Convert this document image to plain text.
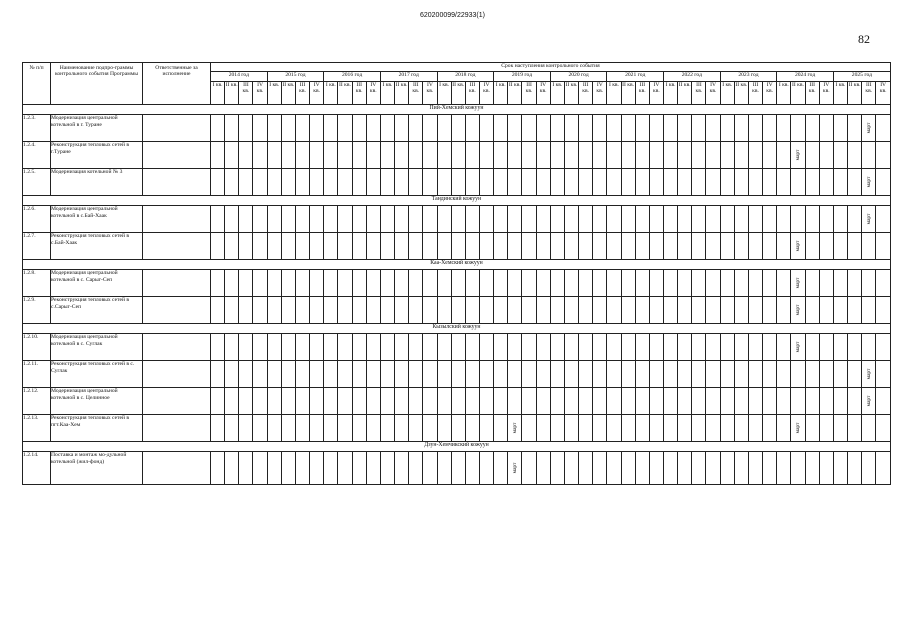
620200099/22933(1)
82
№ п/п	Наименование подпро-граммы контрольного события Программы	Ответственные за исполнение	Срок наступления контрольного события																																															
			2014 год				2015 год				2016 год				2017 год				2018 год				2019 год				2020 год				2021 год				2022 год				2023 год				2024 год				2025 год			
			I кв.	II кв.	III кв.	IV кв.	I кв.	II кв.	III кв.	IV кв.	I кв.	II кв.	III кв.	IV кв.	I кв.	II кв.	III кв.	IV кв.	I кв.	II кв.	III кв.	IV кв.	I кв.	II кв.	III кв.	IV кв.	I кв.	II кв.	III кв.	IV кв.	I кв.	II кв.	III кв.	IV кв.	I кв.	II кв.	III кв.	IV кв.	I кв.	II кв.	III кв.	IV кв.	I кв.	II кв.	III кв.	IV кв.	I кв.	II кв.	III кв.	IV кв.
Пий-Хемский кожуун																																																		
1.2.3.	Модернизация центральной котельной в г. Туране																																																март	

1.2.4.	Реконструкция тепловых сетей в г.Туране																																											март						

1.2.5.	Модернизация котельной № 3																																																март	

Тандинский кожуун																																																		
1.2.6.	Модернизация центральной котельной в с.Бай-Хаак																																																март	

1.2.7.	Реконструкция тепловых сетей в с.Бай-Хаак																																											март						

Каа-Хемский кожуун																																																		
1.2.8.	Модернизация центральной котельной в с. Сарыг-Сеп																																											март						

1.2.9.	Реконструкция тепловых сетей в с.Сарыг-Сеп																																											март						

Кызылский кожуун																																																		
1.2.10.	Модернизация центральной котельной в с. Суглак																																											март						

1.2.11.	Реконструкция тепловых сетей в с. Суглак																																																март	

1.2.12.	Модернизация центральной котельной в с. Целинное																																																март	

1.2.13.	Реконструкция тепловых сетей в пгт.Каа-Хем																							март																				март						

Дзун-Хемчикский кожуун																																																		
1.2.14.	Поставка и монтаж мо-дульной котельной (жил-фонд)																							март																										
